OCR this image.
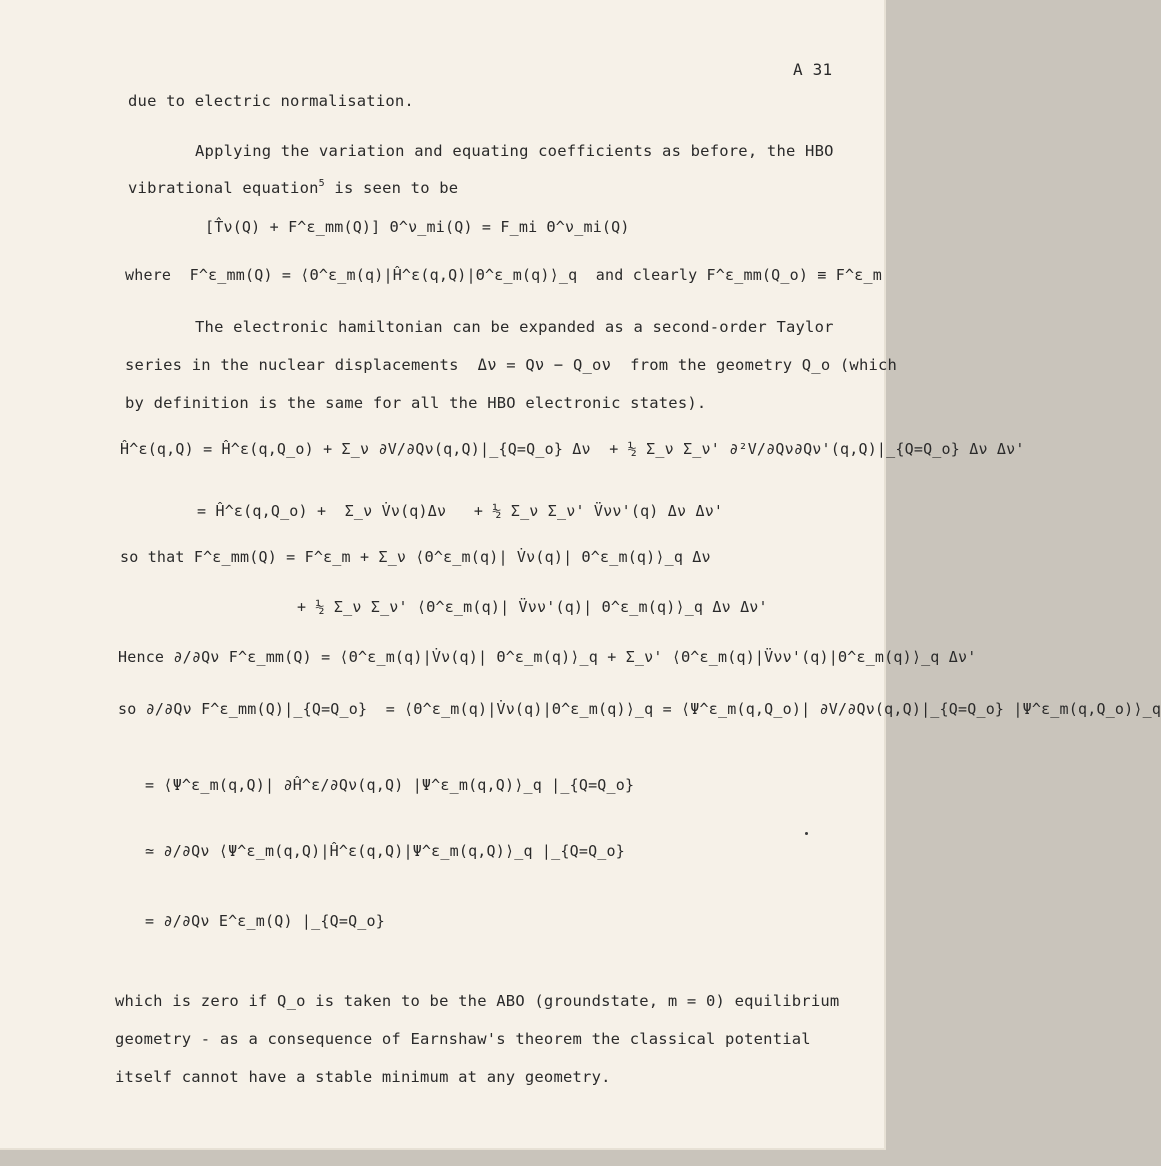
A 31
due to electric normalisation.
Applying the variation and equating coefficients as before, the HBO
vibrational equation$^5$ is seen to be
[T̂ν(Q) + F^ε_mm(Q)] Θ^ν_mi(Q) = F_mi Θ^ν_mi(Q)
where  F^ε_mm(Q) = ⟨Θ^ε_m(q)|Ĥ^ε(q,Q)|Θ^ε_m(q)⟩_q  and clearly F^ε_mm(Q_o) ≡ F^ε_m
The electronic hamiltonian can be expanded as a second-order Taylor
series in the nuclear displacements  Δν = Qν − Q_oν  from the geometry Q_o (which
by definition is the same for all the HBO electronic states).
Ĥ^ε(q,Q) = Ĥ^ε(q,Q_o) + Σ_ν ∂V/∂Qν(q,Q)|_{Q=Q_o} Δν  + ½ Σ_ν Σ_ν' ∂²V/∂Qν∂Qν'(q,Q)|_{Q=Q_o} Δν Δν'
= Ĥ^ε(q,Q_o) +  Σ_ν V̇ν(q)Δν   + ½ Σ_ν Σ_ν' V̈νν'(q) Δν Δν'
so that F^ε_mm(Q) = F^ε_m + Σ_ν ⟨Θ^ε_m(q)| V̇ν(q)| Θ^ε_m(q)⟩_q Δν
+ ½ Σ_ν Σ_ν' ⟨Θ^ε_m(q)| V̈νν'(q)| Θ^ε_m(q)⟩_q Δν Δν'
Hence ∂/∂Qν F^ε_mm(Q) = ⟨Θ^ε_m(q)|V̇ν(q)| Θ^ε_m(q)⟩_q + Σ_ν' ⟨Θ^ε_m(q)|V̈νν'(q)|Θ^ε_m(q)⟩_q Δν'
so ∂/∂Qν F^ε_mm(Q)|_{Q=Q_o}  = ⟨Θ^ε_m(q)|V̇ν(q)|Θ^ε_m(q)⟩_q = ⟨Ψ^ε_m(q,Q_o)| ∂V/∂Qν(q,Q)|_{Q=Q_o} |Ψ^ε_m(q,Q_o)⟩_q
= ⟨Ψ^ε_m(q,Q)| ∂Ĥ^ε/∂Qν(q,Q) |Ψ^ε_m(q,Q)⟩_q |_{Q=Q_o}
≃ ∂/∂Qν ⟨Ψ^ε_m(q,Q)|Ĥ^ε(q,Q)|Ψ^ε_m(q,Q)⟩_q |_{Q=Q_o}
= ∂/∂Qν E^ε_m(Q) |_{Q=Q_o}
which is zero if Q_o is taken to be the ABO (groundstate, m = 0) equilibrium
geometry - as a consequence of Earnshaw's theorem the classical potential
itself cannot have a stable minimum at any geometry.
